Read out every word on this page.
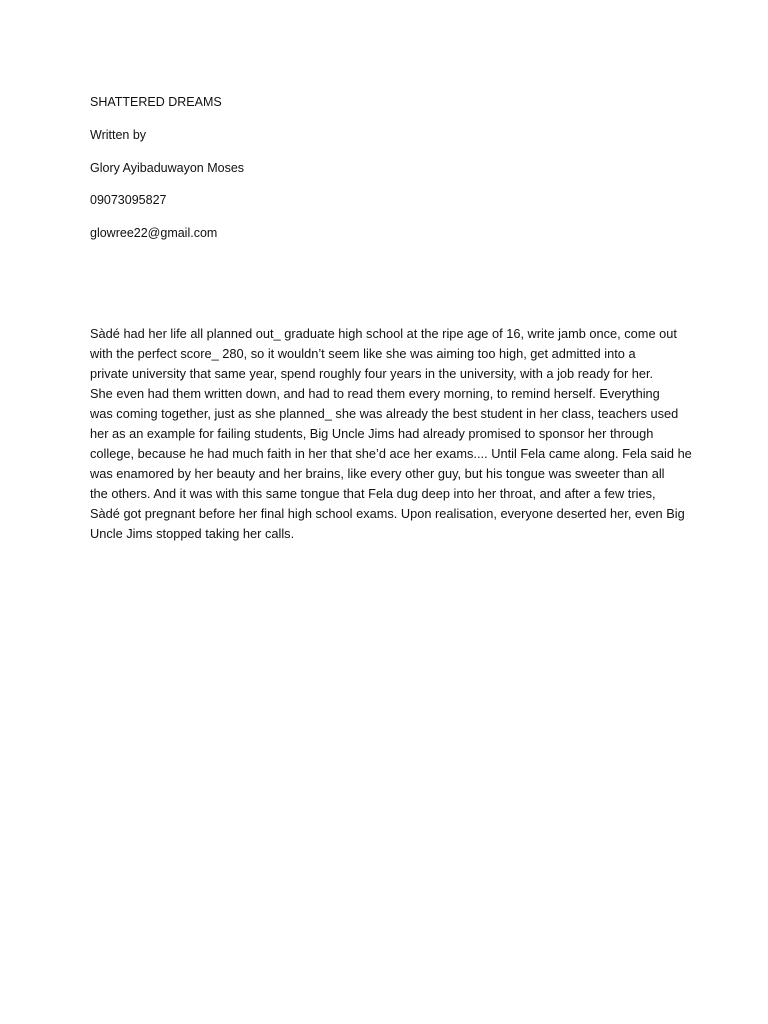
SHATTERED DREAMS
Written by
Glory Ayibaduwayon Moses
09073095827
glowree22@gmail.com
Sàdé had her life all planned out_ graduate high school at the ripe age of 16, write jamb once, come out
with the perfect score_ 280, so it wouldn’t seem like she was aiming too high, get admitted into a
private university that same year, spend roughly four years in the university, with a job ready for her.
She even had them written down, and had to read them every morning, to remind herself. Everything
was coming together, just as she planned_ she was already the best student in her class, teachers used
her as an example for failing students, Big Uncle Jims had already promised to sponsor her through
college, because he had much faith in her that she’d ace her exams.... Until Fela came along. Fela said he
was enamored by her beauty and her brains, like every other guy, but his tongue was sweeter than all
the others. And it was with this same tongue that Fela dug deep into her throat, and after a few tries,
Sàdé got pregnant before her final high school exams. Upon realisation, everyone deserted her, even Big
Uncle Jims stopped taking her calls.
